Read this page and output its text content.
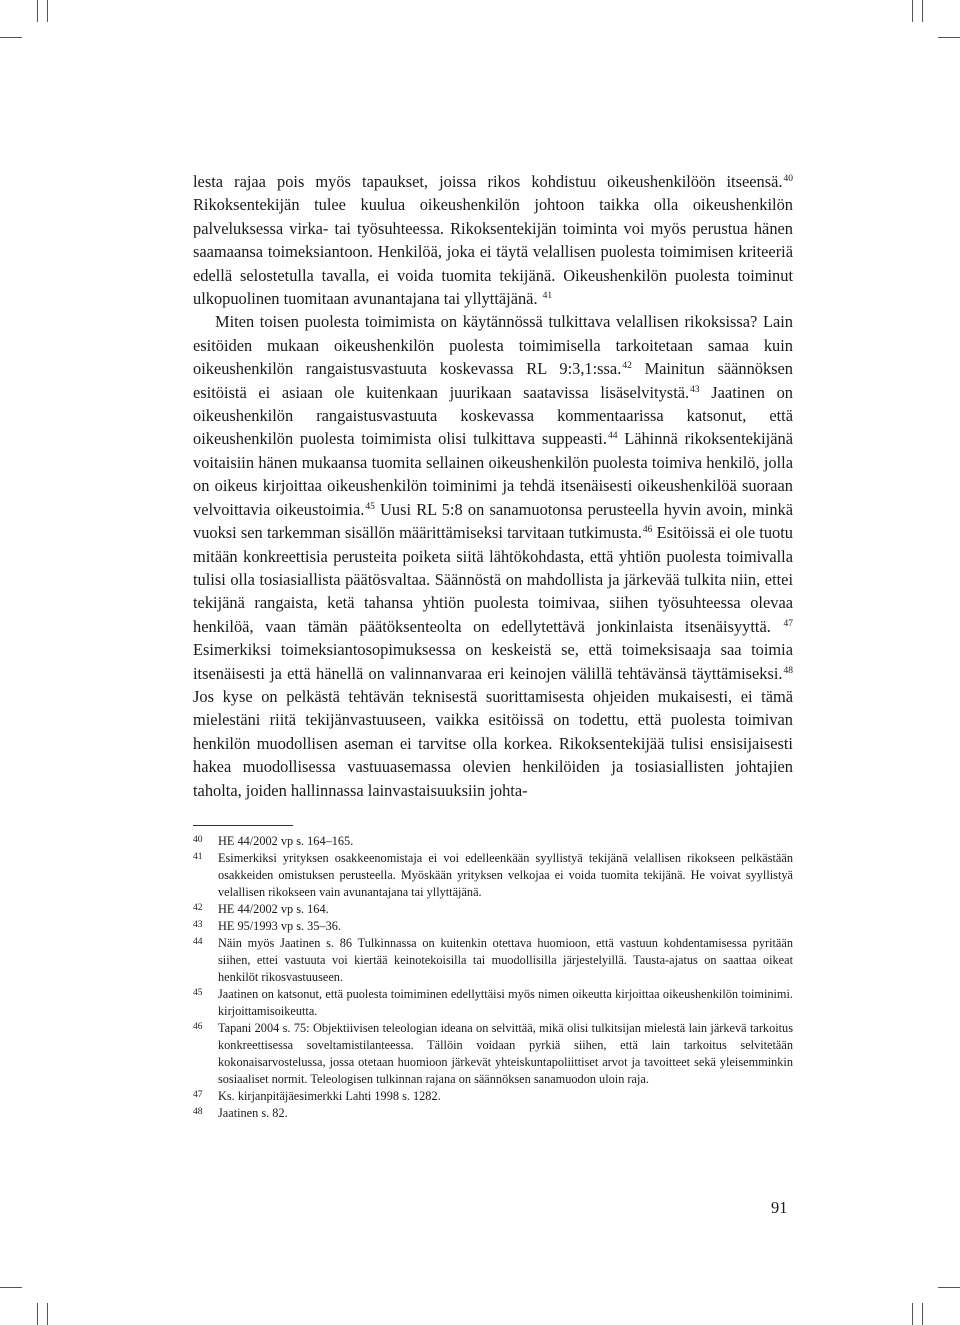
lesta rajaa pois myös tapaukset, joissa rikos kohdistuu oikeushenkilöön itseensä.$^{40}$ Rikoksentekijän tulee kuulua oikeushenkilön johtoon taikka olla oikeushenkilön palveluksessa virka- tai työsuhteessa. Rikoksentekijän toiminta voi myös perustua hänen saamaansa toimeksiantoon. Henkilöä, joka ei täytä velallisen puolesta toimimisen kriteeriä edellä selostetulla tavalla, ei voida tuomita tekijänä. Oikeushenkilön puolesta toiminut ulkopuolinen tuomitaan avunantajana tai yllyttäjänä. $^{41}$

Miten toisen puolesta toimimista on käytännössä tulkittava velallisen rikoksissa? Lain esitöiden mukaan oikeushenkilön puolesta toimimisella tarkoitetaan samaa kuin oikeushenkilön rangaistusvastuuta koskevassa RL 9:3,1:ssa.$^{42}$ Mainitun säännöksen esitöistä ei asiaan ole kuitenkaan juurikaan saatavissa lisäselvitystä.$^{43}$ Jaatinen on oikeushenkilön rangaistusvastuuta koskevassa kommentaarissa katsonut, että oikeushenkilön puolesta toimimista olisi tulkittava suppeasti.$^{44}$ Lähinnä rikoksentekijänä voitaisiin hänen mukaansa tuomita sellainen oikeushenkilön puolesta toimiva henkilö, jolla on oikeus kirjoittaa oikeushenkilön toiminimi ja tehdä itsenäisesti oikeushenkilöä suoraan velvoittavia oikeustoimia.$^{45}$ Uusi RL 5:8 on sanamuotonsa perusteella hyvin avoin, minkä vuoksi sen tarkemman sisällön määrittämiseksi tarvitaan tutkimusta.$^{46}$ Esitöissä ei ole tuotu mitään konkreettisia perusteita poiketa siitä lähtökohdasta, että yhtiön puolesta toimivalla tulisi olla tosiasiallista päätösvaltaa. Säännöstä on mahdollista ja järkevää tulkita niin, ettei tekijänä rangaista, ketä tahansa yhtiön puolesta toimivaa, siihen työsuhteessa olevaa henkilöä, vaan tämän päätöksenteolta on edellytettävä jonkinlaista itsenäisyyttä. $^{47}$ Esimerkiksi toimeksiantosopimuksessa on keskeistä se, että toimeksisaaja saa toimia itsenäisesti ja että hänellä on valinnanvaraa eri keinojen välillä tehtävänsä täyttämiseksi.$^{48}$ Jos kyse on pelkästä tehtävän teknisestä suorittamisesta ohjeiden mukaisesti, ei tämä mielestäni riitä tekijänvastuuseen, vaikka esitöissä on todettu, että puolesta toimivan henkilön muodollisen aseman ei tarvitse olla korkea. Rikoksentekijää tulisi ensisijaisesti hakea muodollisessa vastuuasemassa olevien henkilöiden ja tosiasiallisten johtajien taholta, joiden hallinnassa lainvastaisuuksiin johta-

40	HE 44/2002 vp s. 164–165.
41	Esimerkiksi yrityksen osakkeenomistaja ei voi edelleenkään syyllistyä tekijänä velallisen rikokseen pelkästään osakkeiden omistuksen perusteella. Myöskään yrityksen velkojaa ei voida tuomita tekijänä. He voivat syyllistyä velallisen rikokseen vain avunantajana tai yllyttäjänä.
42	HE 44/2002 vp s. 164.
43	HE 95/1993 vp s. 35–36.
44	Näin myös Jaatinen s. 86 Tulkinnassa on kuitenkin otettava huomioon, että vastuun kohdentamisessa pyritään siihen, ettei vastuuta voi kiertää keinotekoisilla tai muodollisilla järjestelyillä. Tausta-ajatus on saattaa oikeat henkilöt rikosvastuuseen.
45	Jaatinen on katsonut, että puolesta toimiminen edellyttäisi myös nimen oikeutta kirjoittaa oikeushenkilön toiminimi. kirjoittamisoikeutta.
46	Tapani 2004 s. 75: Objektiivisen teleologian ideana on selvittää, mikä olisi tulkitsijan mielestä lain järkevä tarkoitus konkreettisessa soveltamistilanteessa. Tällöin voidaan pyrkiä siihen, että lain tarkoitus selvitetään kokonaisarvostelussa, jossa otetaan huomioon järkevät yhteiskuntapoliittiset arvot ja tavoitteet sekä yleisemminkin sosiaaliset normit. Teleologisen tulkinnan rajana on säännöksen sanamuodon uloin raja.
47	Ks. kirjanpitäjäesimerkki Lahti 1998 s. 1282.
48	Jaatinen s. 82.
91
